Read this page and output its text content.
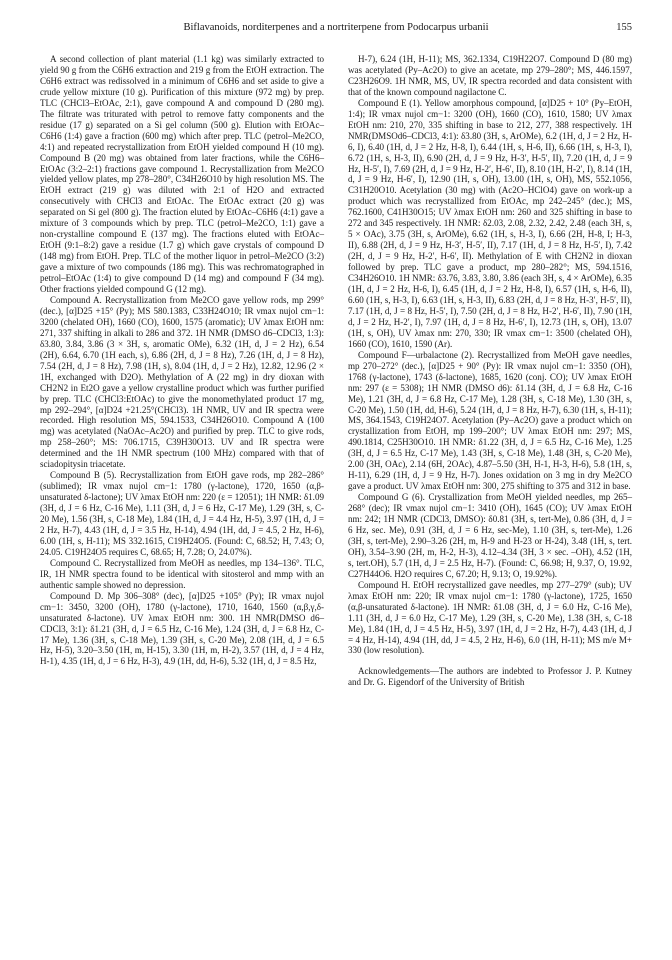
Biflavanoids, norditerpenes and a nortriterpene from Podocarpus urbanii	155

A second collection of plant material (1.1 kg) was similarly extracted to yield 90 g from the C6H6 extraction and 219 g from the EtOH extraction. The C6H6 extract was redissolved in a minimum of C6H6 and set aside to give a crude yellow mixture (10 g). Purification of this mixture (972 mg) by prep. TLC (CHCl3–EtOAc, 2:1), gave compound A and compound D (280 mg). The filtrate was triturated with petrol to remove fatty components and the residue (17 g) separated on a Si gel column (500 g). Elution with EtOAc–C6H6 (1:4) gave a fraction (600 mg) which after prep. TLC (petrol–Me2CO, 4:1) and repeated recrystallization from EtOH yielded compound H (10 mg). Compound B (20 mg) was obtained from later fractions, while the C6H6–EtOAc (3:2–2:1) fractions gave compound 1. Recrystallization from Me2CO yielded yellow plates, mp 278–280°, C34H26O10 by high resolution MS. The EtOH extract (219 g) was diluted with 2:1 of H2O and extracted consecutively with CHCl3 and EtOAc. The EtOAc extract (20 g) was separated on Si gel (800 g). The fraction eluted by EtOAc–C6H6 (4:1) gave a mixture of 3 compounds which by prep. TLC (petrol–Me2CO, 1:1) gave a non-crystalline compound E (137 mg). The fractions eluted with EtOAc–EtOH (9:1–8:2) gave a residue (1.7 g) which gave crystals of compound D (148 mg) from EtOH. Prep. TLC of the mother liquor in petrol–Me2CO (3:2) gave a mixture of two compounds (186 mg). This was rechromatographed in petrol–EtOAc (1:4) to give compound D (14 mg) and compound F (34 mg). Other fractions yielded compound G (12 mg).

Compound A. Recrystallization from Me2CO gave yellow rods, mp 299° (dec.), [α]D25 +15° (Py); MS 580.1383, C33H24O10; IR νmax nujol cm−1: 3200 (chelated OH), 1660 (CO), 1600, 1575 (aromatic); UV λmax EtOH nm: 271, 337 shifting in alkali to 286 and 372. 1H NMR (DMSO d6–CDCl3, 1:3): δ3.80, 3.84, 3.86 (3 × 3H, s, aromatic OMe), 6.32 (1H, d, J = 2 Hz), 6.54 (2H), 6.64, 6.70 (1H each, s), 6.86 (2H, d, J = 8 Hz), 7.26 (1H, d, J = 8 Hz), 7.54 (2H, d, J = 8 Hz), 7.98 (1H, s), 8.04 (1H, d, J = 2 Hz), 12.82, 12.96 (2 × 1H, exchanged with D2O). Methylation of A (22 mg) in dry dioxan with CH2N2 in Et2O gave a yellow crystalline product which was further purified by prep. TLC (CHCl3:EtOAc) to give the monomethylated product 17 mg, mp 292–294°, [α]D24 +21.25°(CHCl3). 1H NMR, UV and IR spectra were recorded. High resolution MS, 594.1533, C34H26O10. Compound A (100 mg) was acetylated (NaOAc–Ac2O) and purified by prep. TLC to give rods, mp 258–260°; MS: 706.1715, C39H30O13. UV and IR spectra were determined and the 1H NMR spectrum (100 MHz) compared with that of sciadopitysin triacetate.

Compound B (5). Recrystallization from EtOH gave rods, mp 282–286° (sublimed); IR νmax nujol cm−1: 1780 (γ-lactone), 1720, 1650 (α,β-unsaturated δ-lactone); UV λmax EtOH nm: 220 (ε = 12051); 1H NMR: δ1.09 (3H, d, J = 6 Hz, C-16 Me), 1.11 (3H, d, J = 6 Hz, C-17 Me), 1.29 (3H, s, C-20 Me), 1.56 (3H, s, C-18 Me), 1.84 (1H, d, J = 4.4 Hz, H-5), 3.97 (1H, d, J = 2 Hz, H-7), 4.43 (1H, d, J = 3.5 Hz, H-14), 4.94 (1H, dd, J = 4.5, 2 Hz, H-6), 6.00 (1H, s, H-11); MS 332.1615, C19H24O5. (Found: C, 68.52; H, 7.43; O, 24.05. C19H24O5 requires C, 68.65; H, 7.28; O, 24.07%).

Compound C. Recrystallized from MeOH as needles, mp 134–136°. TLC, IR, 1H NMR spectra found to be identical with sitosterol and mmp with an authentic sample showed no depression.

Compound D. Mp 306–308° (dec), [α]D25 +105° (Py); IR νmax nujol cm−1: 3450, 3200 (OH), 1780 (γ-lactone), 1710, 1640, 1560 (α,β,γ,δ-unsaturated δ-lactone). UV λmax EtOH nm: 300. 1H NMR(DMSO d6–CDCl3, 3:1): δ1.21 (3H, d, J = 6.5 Hz, C-16 Me), 1.24 (3H, d, J = 6.8 Hz, C-17 Me), 1.36 (3H, s, C-18 Me), 1.39 (3H, s, C-20 Me), 2.08 (1H, d, J = 6.5 Hz, H-5), 3.20–3.50 (1H, m, H-15), 3.30 (1H, m, H-2), 3.57 (1H, d, J = 4 Hz, H-1), 4.35 (1H, d, J = 6 Hz, H-3), 4.9 (1H, dd, H-6), 5.32 (1H, d, J = 8.5 Hz,

H-7), 6.24 (1H, H-11); MS, 362.1334, C19H22O7. Compound D (80 mg) was acetylated (Py–Ac2O) to give an acetate, mp 279–280°; MS, 446.1597, C23H26O9. 1H NMR, MS, UV, IR spectra recorded and data consistent with that of the known compound nagilactone C.

Compound E (1). Yellow amorphous compound, [α]D25 + 10° (Py–EtOH, 1:4); IR νmax nujol cm−1: 3200 (OH), 1660 (CO), 1610, 1580; UV λmax EtOH nm: 210, 270, 335 shifting in base to 212, 277, 388 respectively. 1H NMR(DMSOd6–CDCl3, 4:1): δ3.80 (3H, s, ArOMe), 6.2 (1H, d, J = 2 Hz, H-6, I), 6.40 (1H, d, J = 2 Hz, H-8, I), 6.44 (1H, s, H-6, II), 6.66 (1H, s, H-3, I), 6.72 (1H, s, H-3, II), 6.90 (2H, d, J = 9 Hz, H-3′, H-5′, II), 7.20 (1H, d, J = 9 Hz, H-5′, I), 7.69 (2H, d, J = 9 Hz, H-2′, H-6′, II), 8.10 (1H, H-2′, I), 8.14 (1H, d, J = 9 Hz, H-6′, I), 12.90 (1H, s, OH), 13.00 (1H, s, OH), MS, 552.1056, C31H20O10. Acetylation (30 mg) with (Ac2O–HClO4) gave on work-up a product which was recrystallized from EtOAc, mp 242–245° (dec.); MS, 762.1600, C41H30O15; UV λmax EtOH nm: 260 and 325 shifting in base to 272 and 345 respectively. 1H NMR: δ2.03, 2.08, 2.32, 2.42, 2.48 (each 3H, s, 5 × OAc), 3.75 (3H, s, ArOMe), 6.62 (1H, s, H-3, I), 6.66 (2H, H-8, I; H-3, II), 6.88 (2H, d, J = 9 Hz, H-3′, H-5′, II), 7.17 (1H, d, J = 8 Hz, H-5′, I), 7.42 (2H, d, J = 9 Hz, H-2′, H-6′, II). Methylation of E with CH2N2 in dioxan followed by prep. TLC gave a product, mp 280–282°; MS, 594.1516, C34H26O10. 1H NMR: δ3.76, 3.83, 3.80, 3.86 (each 3H, s, 4 × ArOMe), 6.35 (1H, d, J = 2 Hz, H-6, I), 6.45 (1H, d, J = 2 Hz, H-8, I), 6.57 (1H, s, H-6, II), 6.60 (1H, s, H-3, I), 6.63 (1H, s, H-3, II), 6.83 (2H, d, J = 8 Hz, H-3′, H-5′, II), 7.17 (1H, d, J = 8 Hz, H-5′, I), 7.50 (2H, d, J = 8 Hz, H-2′, H-6′, II), 7.90 (1H, d, J = 2 Hz, H-2′, I), 7.97 (1H, d, J = 8 Hz, H-6′, I), 12.73 (1H, s, OH), 13.07 (1H, s, OH), UV λmax nm: 270, 330; IR νmax cm−1: 3500 (chelated OH), 1660 (CO), 1610, 1590 (Ar).

Compound F—urbalactone (2). Recrystallized from MeOH gave needles, mp 270–272° (dec.), [α]D25 + 90° (Py): IR νmax nujol cm−1: 3350 (OH), 1768 (γ-lactone), 1743 (δ-lactone), 1685, 1620 (conj. CO); UV λmax EtOH nm: 297 (ε = 5308); 1H NMR (DMSO d6): δ1.14 (3H, d, J = 6.8 Hz, C-16 Me), 1.21 (3H, d, J = 6.8 Hz, C-17 Me), 1.28 (3H, s, C-18 Me), 1.30 (3H, s, C-20 Me), 1.50 (1H, dd, H-6), 5.24 (1H, d, J = 8 Hz, H-7), 6.30 (1H, s, H-11); MS, 364.1543, C19H24O7. Acetylation (Py–Ac2O) gave a product which on crystallization from EtOH, mp 199–200°; UV λmax EtOH nm: 297; MS, 490.1814, C25H30O10. 1H NMR: δ1.22 (3H, d, J = 6.5 Hz, C-16 Me), 1.25 (3H, d, J = 6.5 Hz, C-17 Me), 1.43 (3H, s, C-18 Me), 1.48 (3H, s, C-20 Me), 2.00 (3H, OAc), 2.14 (6H, 2OAc), 4.87–5.50 (3H, H-1, H-3, H-6), 5.8 (1H, s, H-11), 6.29 (1H, d, J = 9 Hz, H-7). Jones oxidation on 3 mg in dry Me2CO gave a product. UV λmax EtOH nm: 300, 275 shifting to 375 and 312 in base.

Compound G (6). Crystallization from MeOH yielded needles, mp 265–268° (dec); IR νmax nujol cm−1: 3410 (OH), 1645 (CO); UV λmax EtOH nm: 242; 1H NMR (CDCl3, DMSO): δ0.81 (3H, s, tert-Me), 0.86 (3H, d, J = 6 Hz, sec. Me), 0.91 (3H, d, J = 6 Hz, sec-Me), 1.10 (3H, s, tert-Me), 1.26 (3H, s, tert-Me), 2.90–3.26 (2H, m, H-9 and H-23 or H-24), 3.48 (1H, s, tert. OH), 3.54–3.90 (2H, m, H-2, H-3), 4.12–4.34 (3H, 3 × sec. –OH), 4.52 (1H, s, tert.OH), 5.7 (1H, d, J = 2.5 Hz, H-7). (Found: C, 66.98; H, 9.37, O, 19.92, C27H44O6. H2O requires C, 67.20; H, 9.13; O, 19.92%).

Compound H. EtOH recrystallized gave needles, mp 277–279° (sub); UV λmax EtOH nm: 220; IR νmax nujol cm−1: 1780 (γ-lactone), 1725, 1650 (α,β-unsaturated δ-lactone). 1H NMR: δ1.08 (3H, d, J = 6.0 Hz, C-16 Me), 1.11 (3H, d, J = 6.0 Hz, C-17 Me), 1.29 (3H, s, C-20 Me), 1.38 (3H, s, C-18 Me), 1.84 (1H, d, J = 4.5 Hz, H-5), 3.97 (1H, d, J = 2 Hz, H-7), 4.43 (1H, d, J = 4 Hz, H-14), 4.94 (1H, dd, J = 4.5, 2 Hz, H-6), 6.0 (1H, H-11); MS m/e M+ 330 (low resolution).

Acknowledgements—The authors are indebted to Professor J. P. Kutney and Dr. G. Eigendorf of the University of British
